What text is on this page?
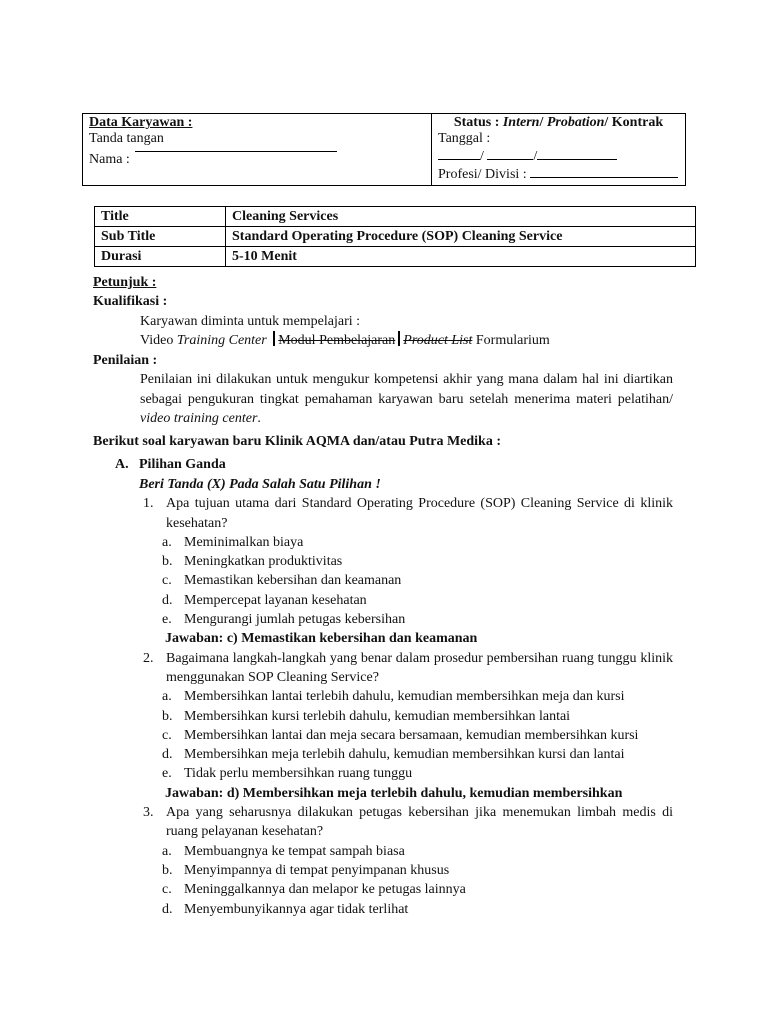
Data Karyawan :
Tanda tangan
Nama :

Status : Intern/ Probation/ Kontrak
Tanggal :
/	/
Profesi/ Divisi :
Title	Cleaning Services
Sub Title	Standard Operating Procedure (SOP) Cleaning Service
Durasi	5-10 Menit
Petunjuk :
Kualifikasi :
Karyawan diminta untuk mempelajari :
Video Training Center Modul Pembelajaran Product List Formularium
Penilaian :
Penilaian ini dilakukan untuk mengukur kompetensi akhir yang mana dalam hal ini diartikan sebagai pengukuran tingkat pemahaman karyawan baru setelah menerima materi pelatihan/ video training center.
Berikut soal karyawan baru Klinik AQMA dan/atau Putra Medika :
A. Pilihan Ganda
Beri Tanda (X) Pada Salah Satu Pilihan !
1. Apa tujuan utama dari Standard Operating Procedure (SOP) Cleaning Service di klinik kesehatan?
a. Meminimalkan biaya
b. Meningkatkan produktivitas
c. Memastikan kebersihan dan keamanan
d. Mempercepat layanan kesehatan
e. Mengurangi jumlah petugas kebersihan
Jawaban: c) Memastikan kebersihan dan keamanan
2. Bagaimana langkah-langkah yang benar dalam prosedur pembersihan ruang tunggu klinik menggunakan SOP Cleaning Service?
a. Membersihkan lantai terlebih dahulu, kemudian membersihkan meja dan kursi
b. Membersihkan kursi terlebih dahulu, kemudian membersihkan lantai
c. Membersihkan lantai dan meja secara bersamaan, kemudian membersihkan kursi
d. Membersihkan meja terlebih dahulu, kemudian membersihkan kursi dan lantai
e. Tidak perlu membersihkan ruang tunggu
Jawaban: d) Membersihkan meja terlebih dahulu, kemudian membersihkan
3. Apa yang seharusnya dilakukan petugas kebersihan jika menemukan limbah medis di ruang pelayanan kesehatan?
a. Membuangnya ke tempat sampah biasa
b. Menyimpannya di tempat penyimpanan khusus
c. Meninggalkannya dan melapor ke petugas lainnya
d. Menyembunyikannya agar tidak terlihat
